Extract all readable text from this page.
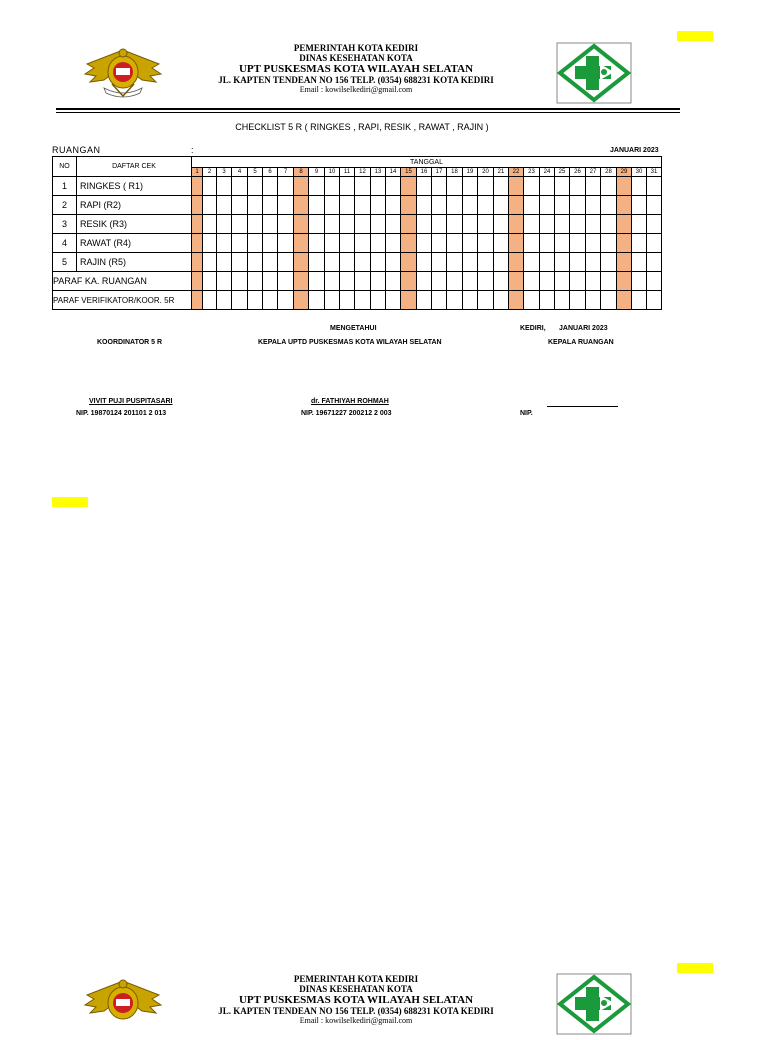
PEMERINTAH KOTA KEDIRI
DINAS KESEHATAN KOTA
UPT PUSKESMAS KOTA WILAYAH SELATAN
JL. KAPTEN TENDEAN NO 156 TELP. (0354) 688231 KOTA KEDIRI
Email : kowilselkediri@gmail.com
CHECKLIST 5 R ( RINGKES , RAPI, RESIK , RAWAT , RAJIN )
RUANGAN	:	JANUARI 2023
NO	DAFTAR CEK	TANGGAL																														
		1	2	3	4	5	6	7	8	9	10	11	12	13	14	15	16	17	18	19	20	21	22	23	24	25	26	27	28	29	30	31
1	RINGKES ( R1)																															
2	RAPI (R2)																															
3	RESIK (R3)																															
4	RAWAT (R4)																															
5	RAJIN (R5)																															
PARAF KA. RUANGAN																																
PARAF VERIFIKATOR/KOOR. 5R																																
MENGETAHUI	KEDIRI, JANUARI 2023
KOORDINATOR 5 R	KEPALA UPTD PUSKESMAS KOTA WILAYAH SELATAN	KEPALA RUANGAN
VIVIT PUJI PUSPITASARI
NIP. 19870124 201101 2 013
dr. FATHIYAH ROHMAH
NIP. 19671227 200212 2 003	NIP.
PEMERINTAH KOTA KEDIRI
DINAS KESEHATAN KOTA
UPT PUSKESMAS KOTA WILAYAH SELATAN
JL. KAPTEN TENDEAN NO 156 TELP. (0354) 688231 KOTA KEDIRI
Email : kowilselkediri@gmail.com
